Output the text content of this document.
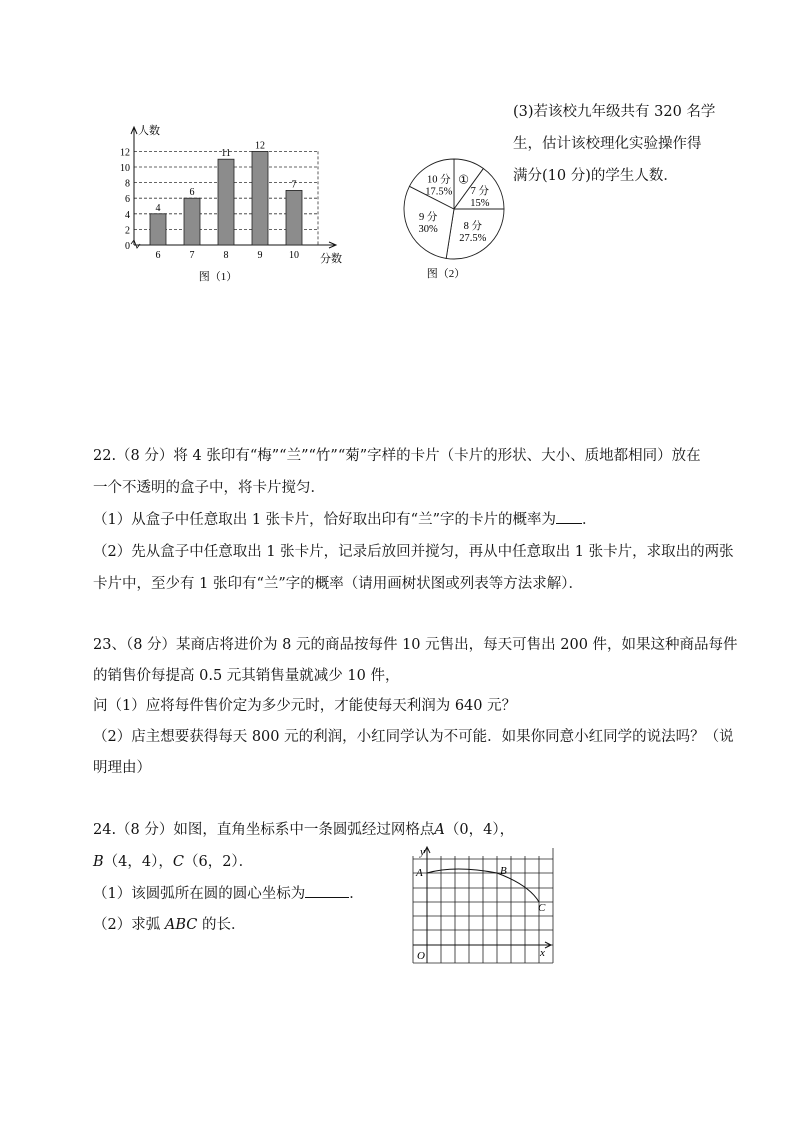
0
2
4
6
8
10
12
人数
分数
4
6
6
7
11
8
12
9
7
10
图（1）
①
7 分
15%
8 分
27.5%
9 分
30%
10 分
17.5%
图（2）
(3)若该校九年级共有 320 名学
生，估计该校理化实验操作得
满分(10 分)的学生人数．
22.（8 分）将 4 张印有“梅”“兰”“竹”“菊”字样的卡片（卡片的形状、大小、质地都相同）放在
一个不透明的盒子中，将卡片搅匀．
（1）从盒子中任意取出 1 张卡片，恰好取出印有“兰”字的卡片的概率为 ．
（2）先从盒子中任意取出 1 张卡片，记录后放回并搅匀，再从中任意取出 1 张卡片，求取出的两张
卡片中，至少有 1 张印有“兰”字的概率（请用画树状图或列表等方法求解）．
23、（8 分）某商店将进价为 8 元的商品按每件 10 元售出，每天可售出 200 件，如果这种商品每件
的销售价每提高 0.5 元其销售量就减少 10 件，
问（1）应将每件售价定为多少元时，才能使每天利润为 640 元？
（2）店主想要获得每天 800 元的利润，小红同学认为不可能．如果你同意小红同学的说法吗？（说
明理由）
24.（8 分）如图，直角坐标系中一条圆弧经过网格点A（0，4），
B（4，4），C（6，2）．
（1）该圆弧所在圆的圆心坐标为	．
（2）求弧 ABC 的长．
y
x
O
A	B
C
